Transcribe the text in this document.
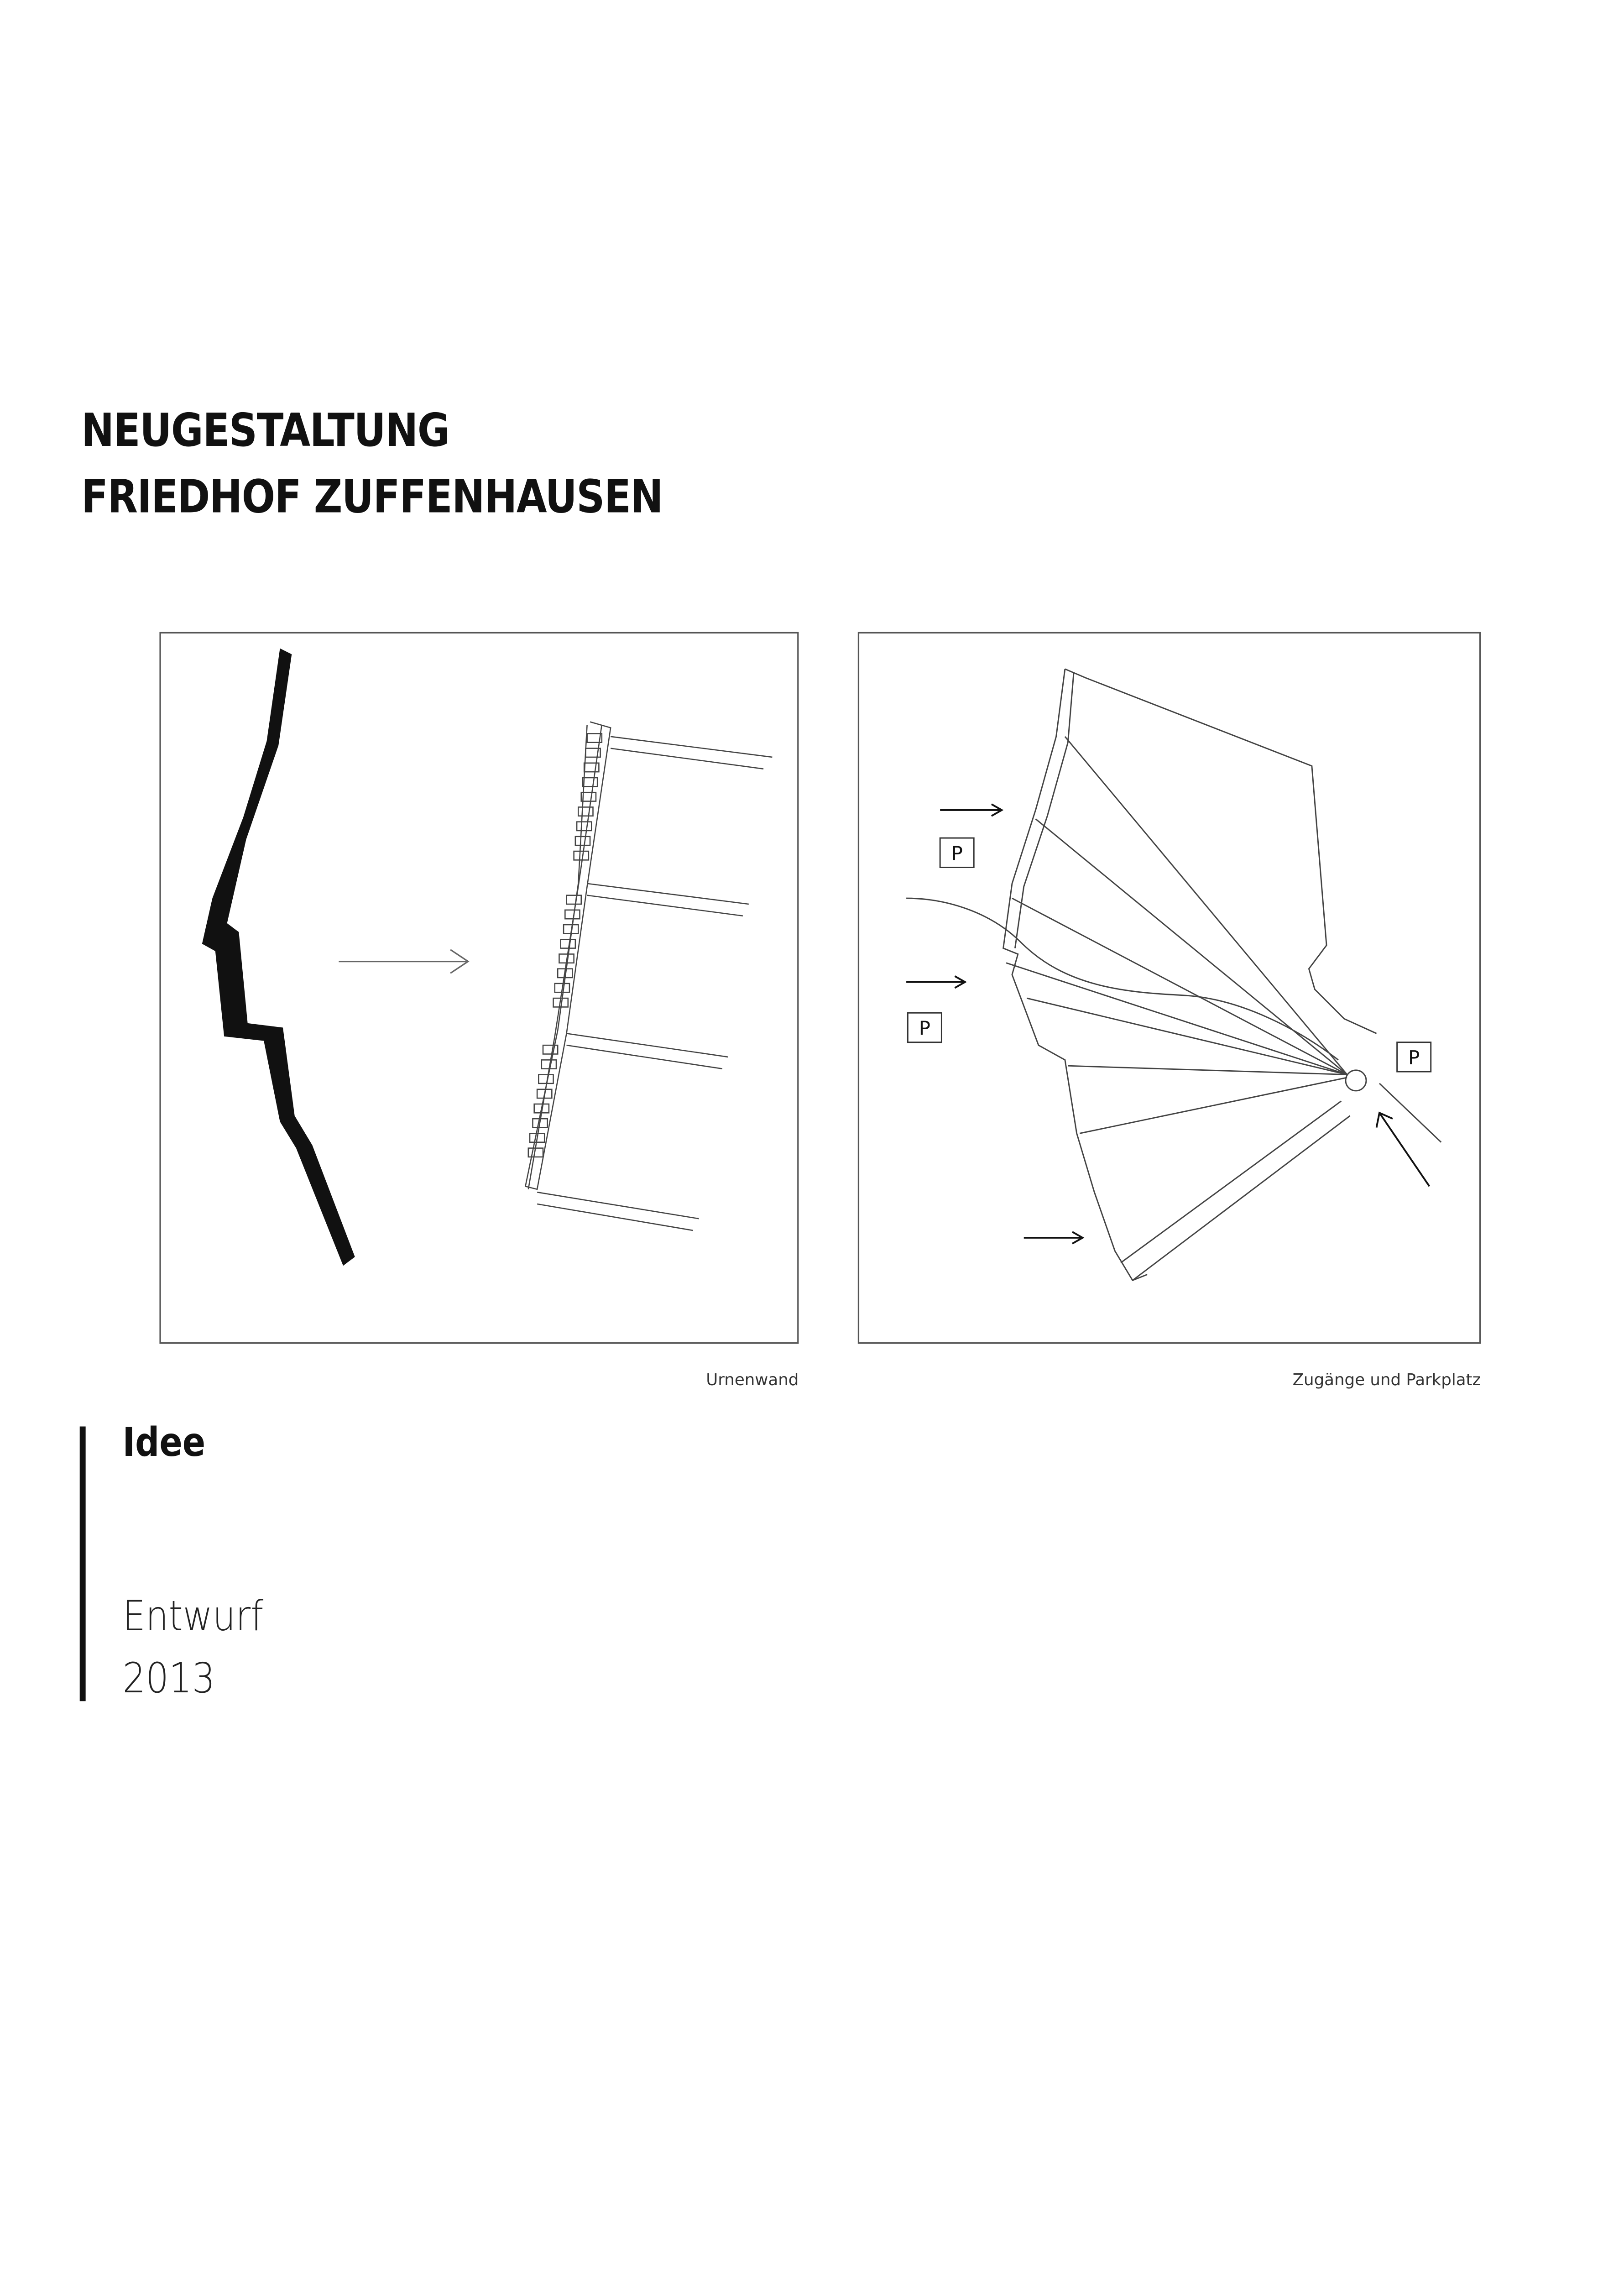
NEUGESTALTUNG
FRIEDHOF ZUFFENHAUSEN
Urnenwand
P
P
P
Zugänge und Parkplatz
Idee
Entwurf
2013
